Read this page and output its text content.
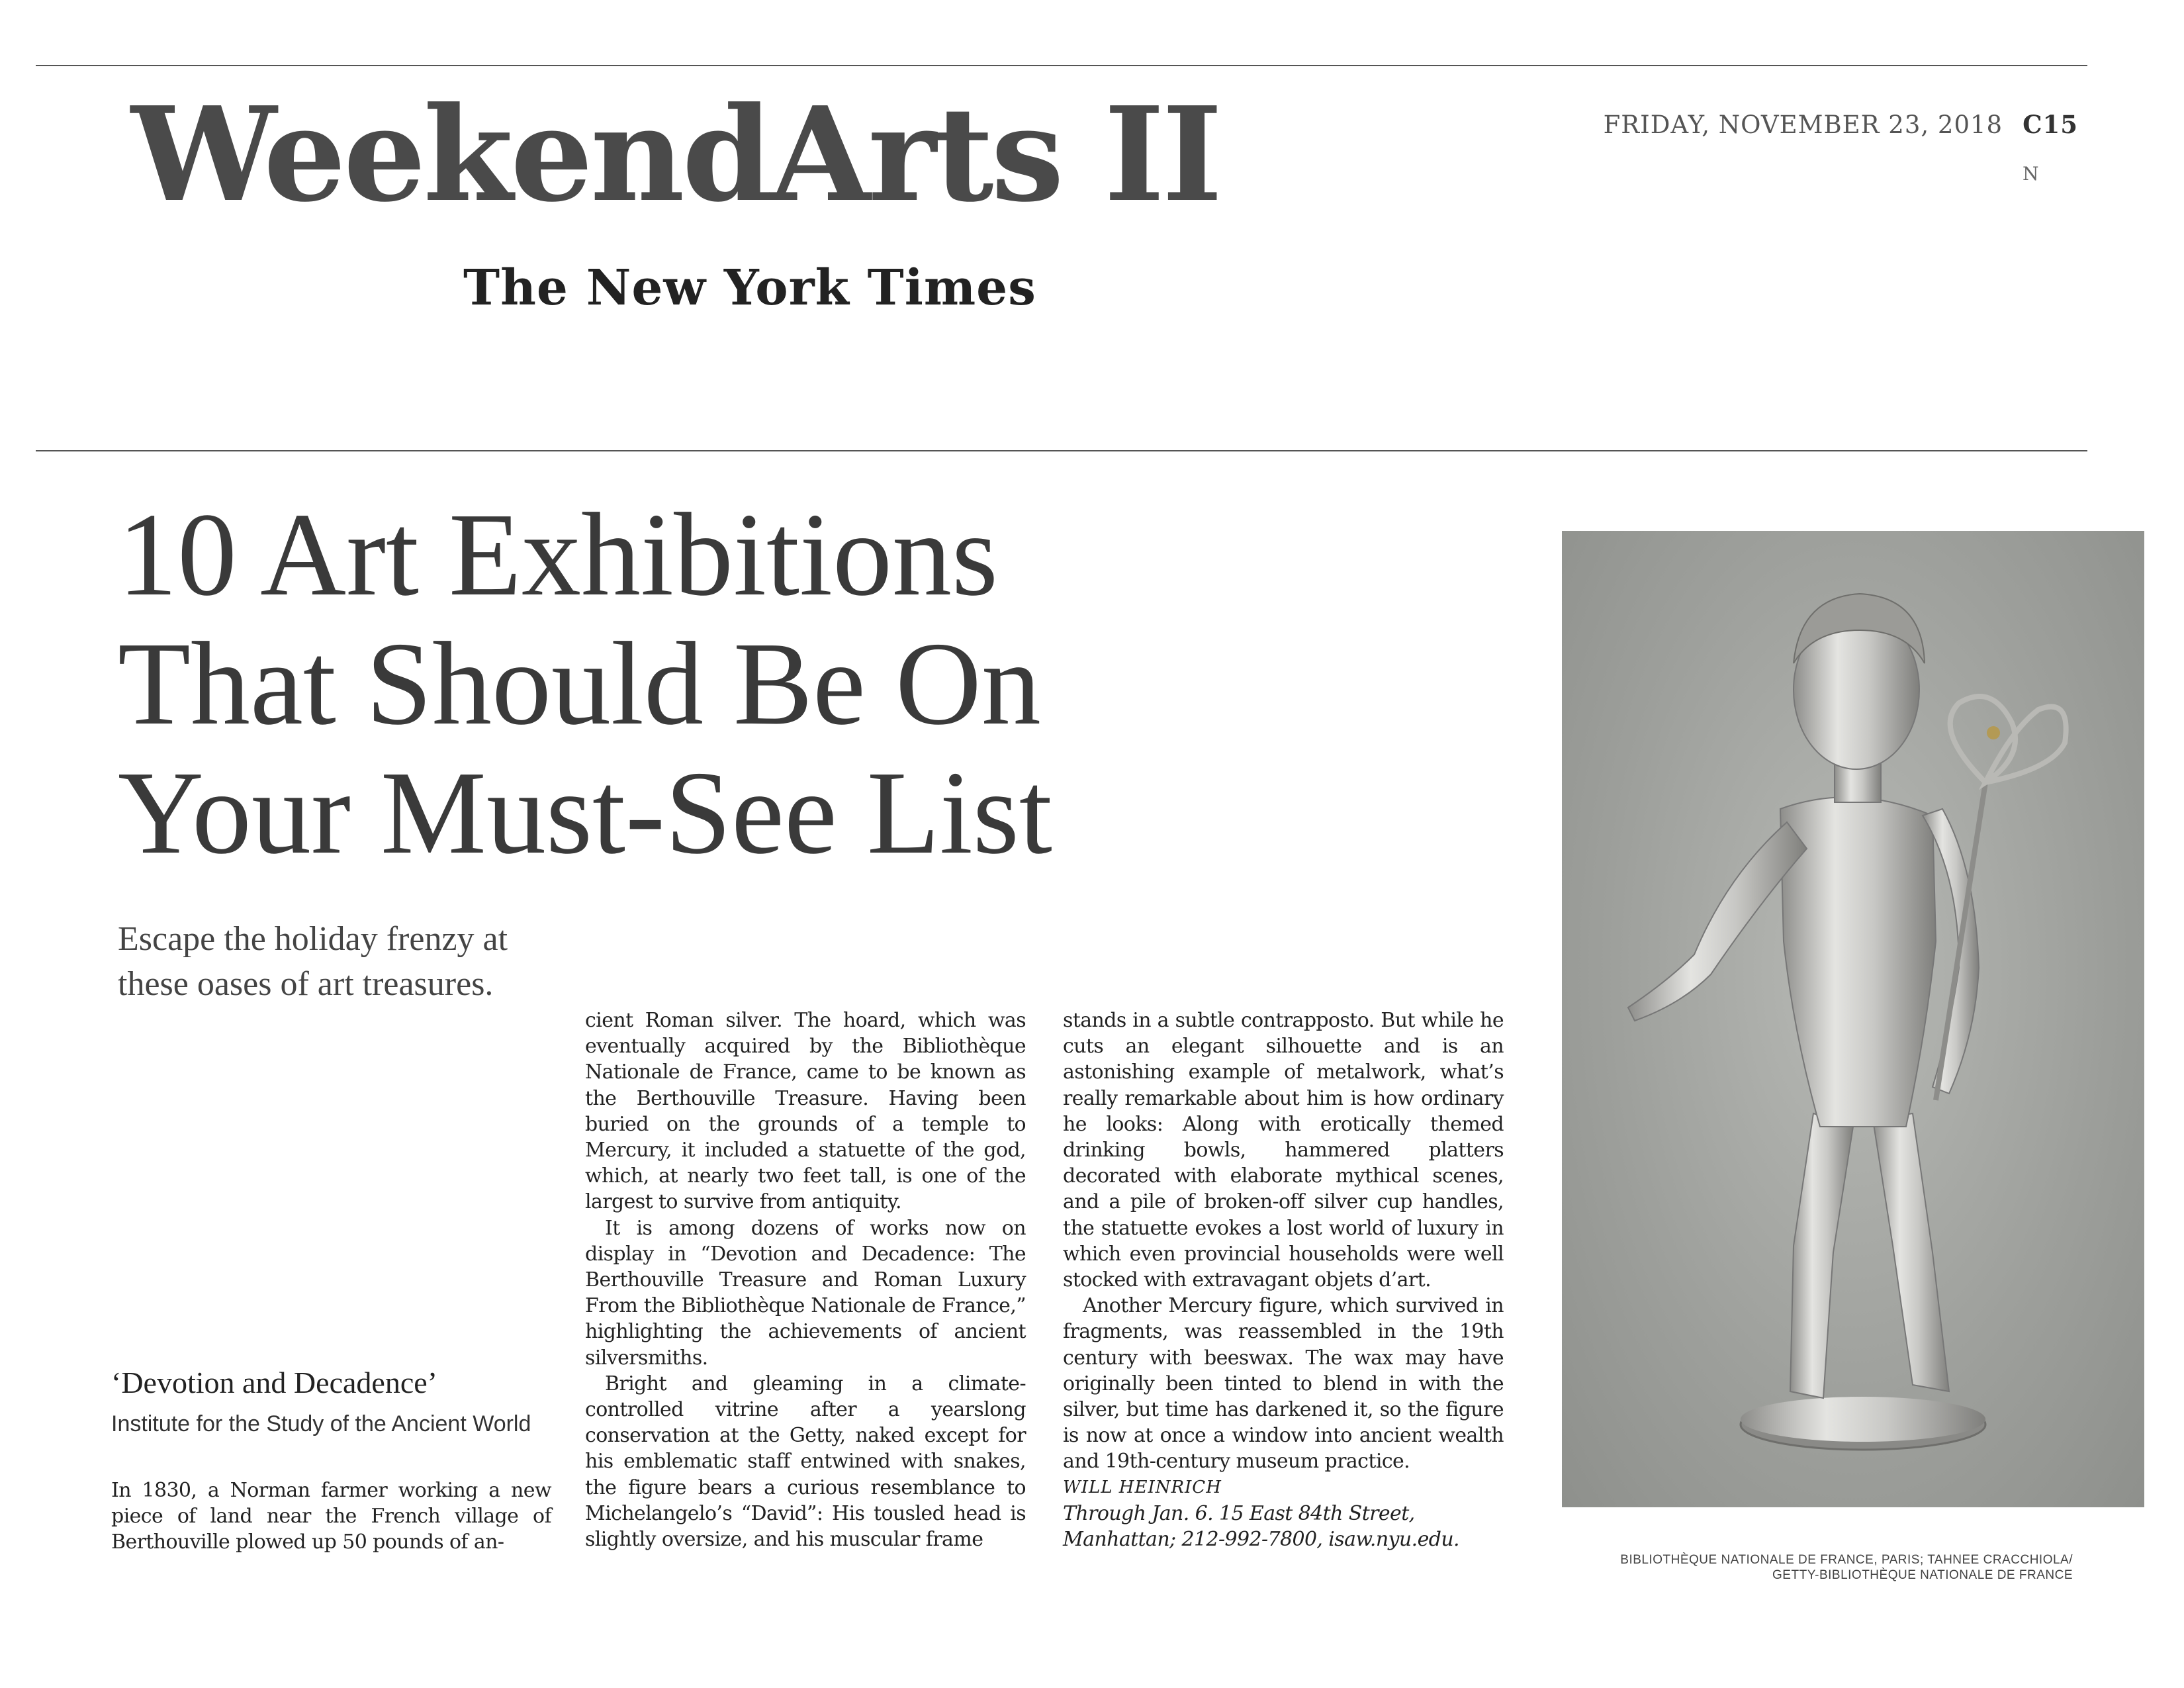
WeekendArts II
The New York Times
FRIDAY, NOVEMBER 23, 2018 C15
N
10 Art Exhibitions
That Should Be On
Your Must-See List
Escape the holiday frenzy at
these oases of art treasures.
‘Devotion and Decadence’
Institute for the Study of the Ancient World

In 1830, a Norman farmer working a new piece of land near the French village of Berthouville plowed up 50 pounds of an-

cient Roman silver. The hoard, which was eventually acquired by the Bibliothèque Nationale de France, came to be known as the Berthouville Treasure. Having been buried on the grounds of a temple to Mercury, it included a statuette of the god, which, at nearly two feet tall, is one of the largest to survive from antiquity.

It is among dozens of works now on display in “Devotion and Decadence: The Berthouville Treasure and Roman Luxury From the Bibliothèque Nationale de France,” highlighting the achievements of ancient silversmiths.

Bright and gleaming in a climate-controlled vitrine after a yearslong conservation at the Getty, naked except for his emblematic staff entwined with snakes, the figure bears a curious resemblance to Michelangelo’s “David”: His tousled head is slightly oversize, and his muscular frame

stands in a subtle contrapposto. But while he cuts an elegant silhouette and is an astonishing example of metalwork, what’s really remarkable about him is how ordinary he looks: Along with erotically themed drinking bowls, hammered platters decorated with elaborate mythical scenes, and a pile of broken-off silver cup handles, the statuette evokes a lost world of luxury in which even provincial households were well stocked with extravagant objets d’art.

Another Mercury figure, which survived in fragments, was reassembled in the 19th century with beeswax. The wax may have originally been tinted to blend in with the silver, but time has darkened it, so the figure is now at once a window into ancient wealth and 19th-century museum practice.

WILL HEINRICH

Through Jan. 6. 15 East 84th Street, Manhattan; 212-992-7800, isaw.nyu.edu.

BIBLIOTHÈQUE NATIONALE DE FRANCE, PARIS; TAHNEE CRACCHIOLA/
GETTY-BIBLIOTHÈQUE NATIONALE DE FRANCE
